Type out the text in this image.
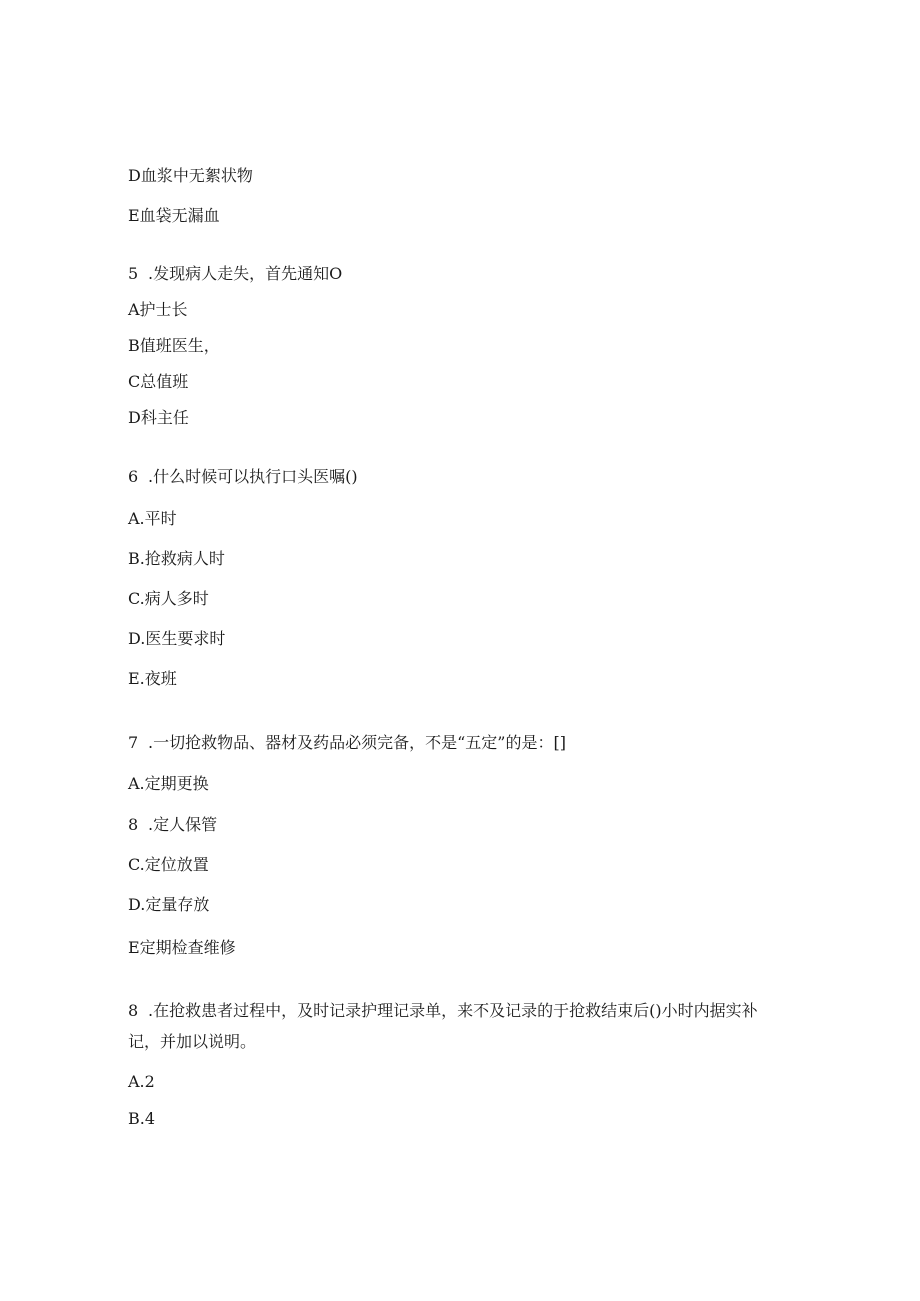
D血浆中无絮状物
E血袋无漏血
5 .发现病人走失，首先通知O
A护士长
B值班医生，
C总值班
D科主任
6 .什么时候可以执行口头医嘱()
A.平时
B.抢救病人时
C.病人多时
D.医生要求时
E.夜班
7 .一切抢救物品、器材及药品必须完备，不是“五定”的是：[]
A.定期更换
8 .定人保管
C.定位放置
D.定量存放
E定期检查维修
8 .在抢救患者过程中，及时记录护理记录单，来不及记录的于抢救结束后()小时内据实补记，并加以说明。
A.2
B.4
